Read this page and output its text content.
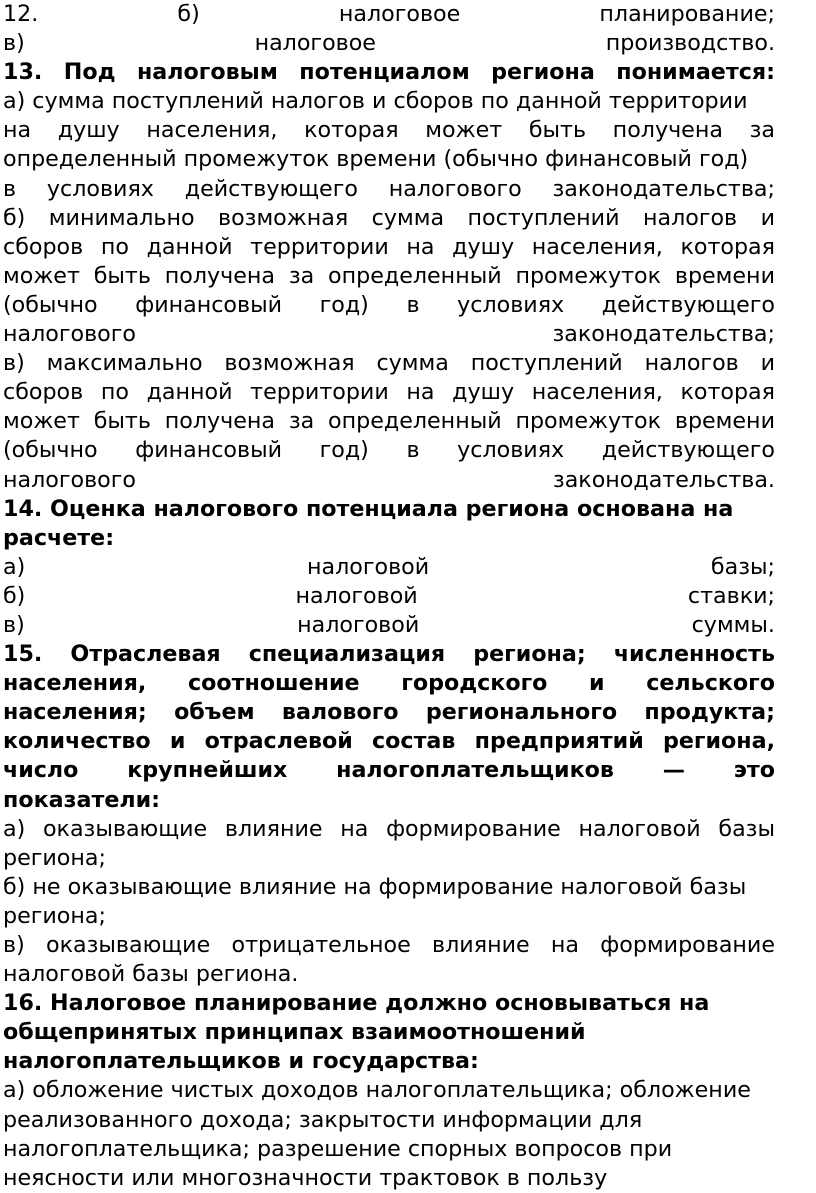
12. б) налоговое планирование;
в) налоговое производство.
13. Под налоговым потенциалом региона понимается:
а) сумма поступлений налогов и сборов по данной территории
на душу населения, которая может быть получена за
определенный промежуток времени (обычно финансовый год)
в условиях действующего налогового законодательства;
б) минимально возможная сумма поступлений налогов и
сборов по данной территории на душу населения, которая
может быть получена за определенный промежуток времени
(обычно финансовый год) в условиях действующего
налогового законодательства;
в) максимально возможная сумма поступлений налогов и
сборов по данной территории на душу населения, которая
может быть получена за определенный промежуток времени
(обычно финансовый год) в условиях действующего
налогового законодательства.
14. Оценка налогового потенциала региона основана на
расчете:
а) налоговой базы;
б) налоговой ставки;
в) налоговой суммы.
15. Отраслевая специализация региона; численность
населения, соотношение городского и сельского
населения; объем валового регионального продукта;
количество и отраслевой состав предприятий региона,
число крупнейших налогоплательщиков — это
показатели:
а) оказывающие влияние на формирование налоговой базы
региона;
б) не оказывающие влияние на формирование налоговой базы
региона;
в) оказывающие отрицательное влияние на формирование
налоговой базы региона.
16. Налоговое планирование должно основываться на
общепринятых принципах взаимоотношений
налогоплательщиков и государства:
а) обложение чистых доходов налогоплательщика; обложение
реализованного дохода; закрытости информации для
налогоплательщика; разрешение спорных вопросов при
неясности или многозначности трактовок в пользу
